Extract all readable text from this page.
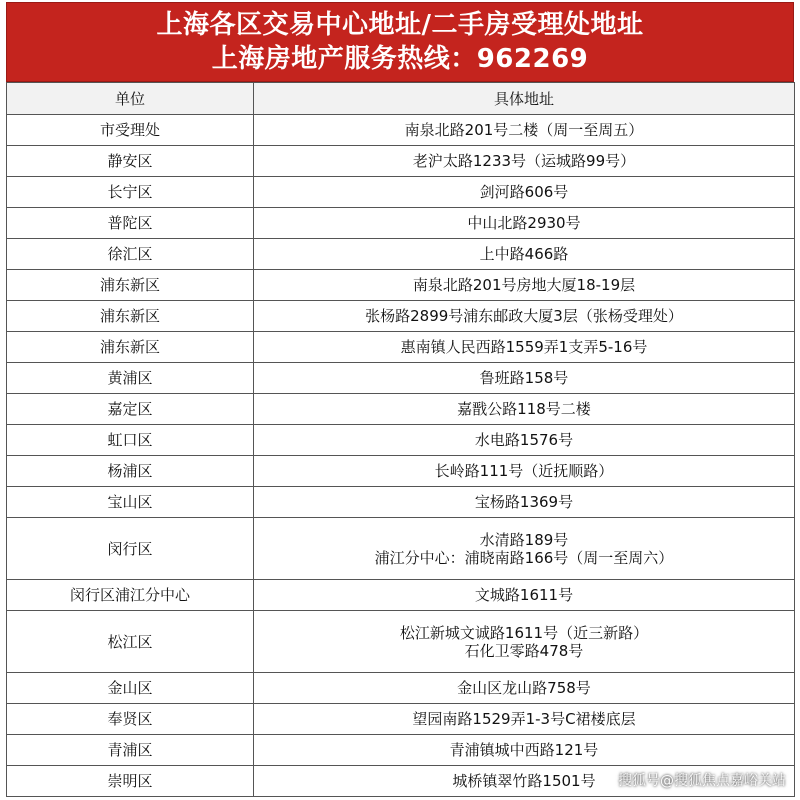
上海各区交易中心地址/二手房受理处地址
上海房地产服务热线：962269
单位	具体地址
市受理处	南泉北路201号二楼（周一至周五）

静安区	老沪太路1233号（运城路99号）

长宁区	剑河路606号

普陀区	中山北路2930号

徐汇区	上中路466路

浦东新区	南泉北路201号房地大厦18-19层

浦东新区	张杨路2899号浦东邮政大厦3层（张杨受理处）

浦东新区	惠南镇人民西路1559弄1支弄5-16号

黄浦区	鲁班路158号

嘉定区	嘉戬公路118号二楼

虹口区	水电路1576号

杨浦区	长岭路111号（近抚顺路）

宝山区	宝杨路1369号

闵行区	水清路189号
浦江分中心：浦晓南路166号（周一至周六）

闵行区浦江分中心	文城路1611号

松江区	松江新城文诚路1611号（近三新路）
石化卫零路478号

金山区	金山区龙山路758号

奉贤区	望园南路1529弄1-3号C裙楼底层

青浦区	青浦镇城中西路121号

崇明区	城桥镇翠竹路1501号	搜狐号@搜狐焦点嘉峪关站
